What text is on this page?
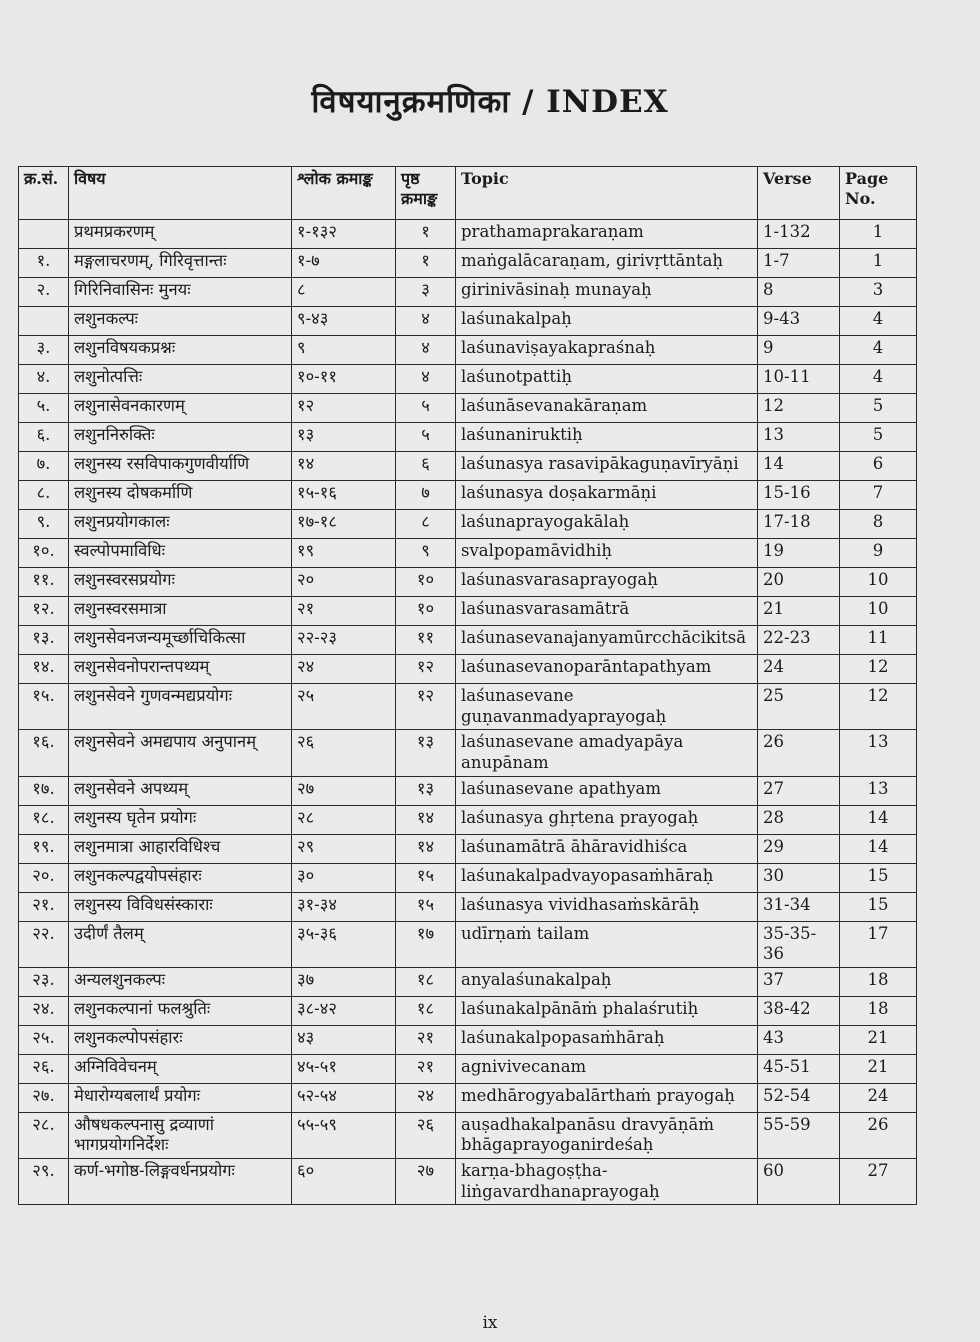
विषयानुक्रमणिका / INDEX
क्र.सं.	विषय	श्लोक क्रमाङ्क	पृष्ठ क्रमाङ्क	Topic	Verse	Page No.
	प्रथमप्रकरणम्	१-१३२	१	prathamaprakaraṇam	1-132	1
१.	मङ्गलाचरणम्, गिरिवृत्तान्तः	१-७	१	maṅgalācaraṇam, girivṛttāntaḥ	1-7	1
२.	गिरिनिवासिनः मुनयः	८	३	girinivāsinaḥ munayaḥ	8	3
	लशुनकल्पः	९-४३	४	laśunakalpaḥ	9-43	4
३.	लशुनविषयकप्रश्नः	९	४	laśunaviṣayakapraśnaḥ	9	4
४.	लशुनोत्पत्तिः	१०-११	४	laśunotpattiḥ	10-11	4
५.	लशुनासेवनकारणम्	१२	५	laśunāsevanakāraṇam	12	5
६.	लशुननिरुक्तिः	१३	५	laśunaniruktiḥ	13	5
७.	लशुनस्य रसविपाकगुणवीर्याणि	१४	६	laśunasya rasavipākaguṇavīryāṇi	14	6
८.	लशुनस्य दोषकर्माणि	१५-१६	७	laśunasya doṣakarmāṇi	15-16	7
९.	लशुनप्रयोगकालः	१७-१८	८	laśunaprayogakālaḥ	17-18	8
१०.	स्वल्पोपमाविधिः	१९	९	svalpopamāvidhiḥ	19	9
११.	लशुनस्वरसप्रयोगः	२०	१०	laśunasvarasaprayogaḥ	20	10
१२.	लशुनस्वरसमात्रा	२१	१०	laśunasvarasamātrā	21	10
१३.	लशुनसेवनजन्यमूर्च्छाचिकित्सा	२२-२३	११	laśunasevanajanyamūrcchācikitsā	22-23	11
१४.	लशुनसेवनोपरान्तपथ्यम्	२४	१२	laśunasevanoparāntapathyam	24	12
१५.	लशुनसेवने गुणवन्मद्यप्रयोगः	२५	१२	laśunasevane guṇavanmadyaprayogaḥ	25	12
१६.	लशुनसेवने अमद्यपाय अनुपानम्	२६	१३	laśunasevane amadyapāya anupānam	26	13
१७.	लशुनसेवने अपथ्यम्	२७	१३	laśunasevane apathyam	27	13
१८.	लशुनस्य घृतेन प्रयोगः	२८	१४	laśunasya ghṛtena prayogaḥ	28	14
१९.	लशुनमात्रा आहारविधिश्च	२९	१४	laśunamātrā āhāravidhiśca	29	14
२०.	लशुनकल्पद्वयोपसंहारः	३०	१५	laśunakalpadvayopasaṁhāraḥ	30	15
२१.	लशुनस्य विविधसंस्काराः	३१-३४	१५	laśunasya vividhasaṁskārāḥ	31-34	15
२२.	उदीर्णं तैलम्	३५-३६	१७	udīrṇaṁ tailam	35-35-36	17
२३.	अन्यलशुनकल्पः	३७	१८	anyalaśunakalpaḥ	37	18
२४.	लशुनकल्पानां फलश्रुतिः	३८-४२	१८	laśunakalpānāṁ phalaśrutiḥ	38-42	18
२५.	लशुनकल्पोपसंहारः	४३	२१	laśunakalpopasaṁhāraḥ	43	21
२६.	अग्निविवेचनम्	४५-५१	२१	agnivivecanam	45-51	21
२७.	मेधारोग्यबलार्थं प्रयोगः	५२-५४	२४	medhārogyabalārthaṁ prayogaḥ	52-54	24
२८.	औषधकल्पनासु द्रव्याणां भागप्रयोगनिर्देशः	५५-५९	२६	auṣadhakalpanāsu dravyāṇāṁ bhāgaprayoganirdeśaḥ	55-59	26
२९.	कर्ण-भगोष्ठ-लिङ्गवर्धनप्रयोगः	६०	२७	karṇa-bhagoṣṭha-liṅgavardhanaprayogaḥ	60	27
ix
